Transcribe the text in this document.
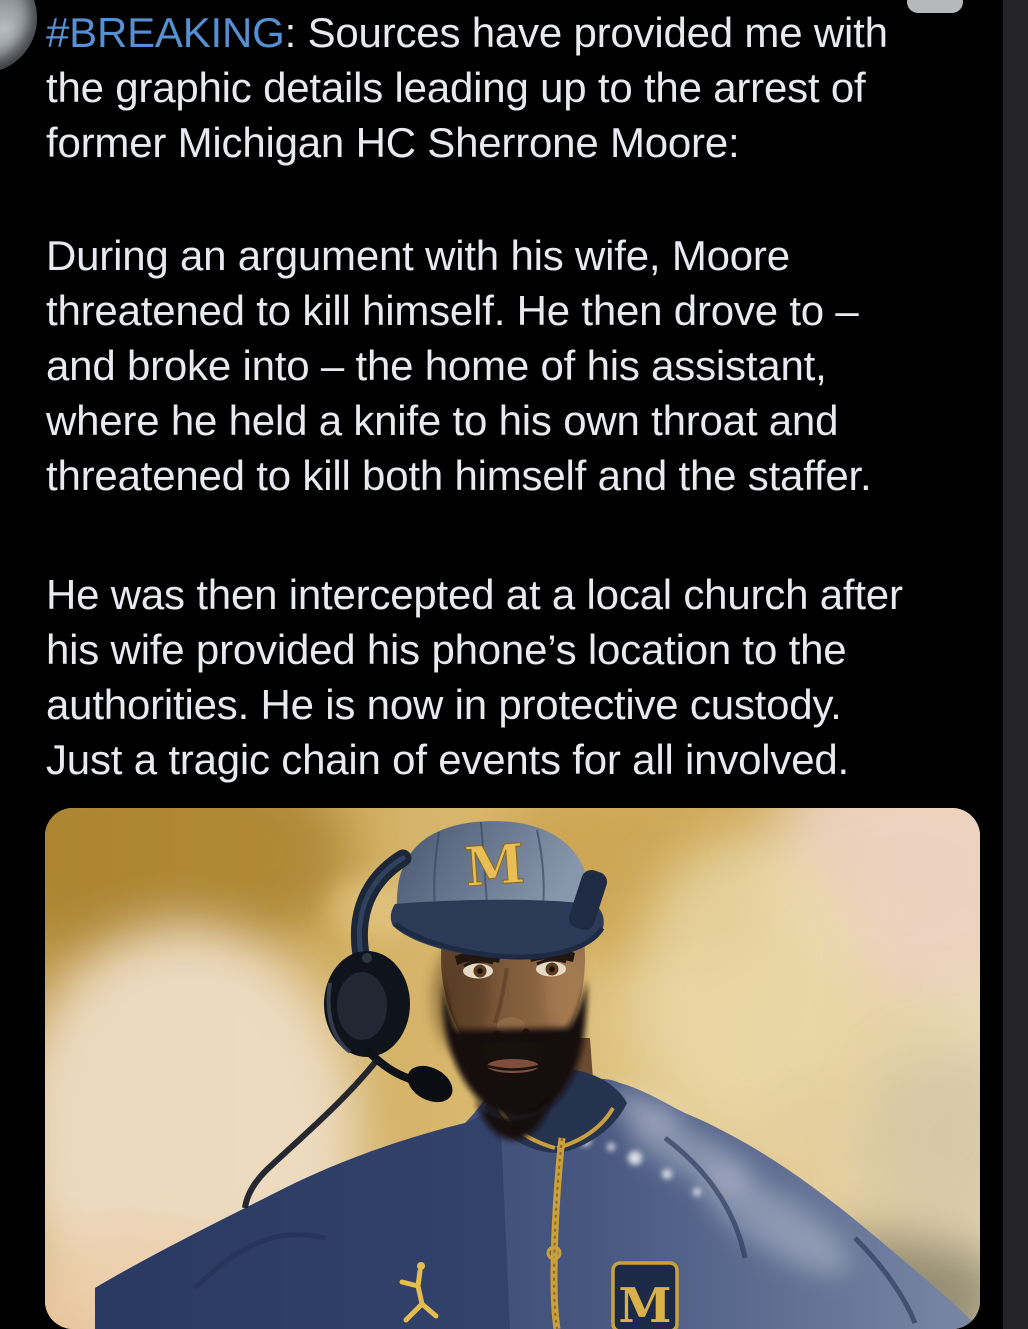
#BREAKING: Sources have provided me with
the graphic details leading up to the arrest of
former Michigan HC Sherrone Moore:

During an argument with his wife, Moore
threatened to kill himself. He then drove to –
and broke into – the home of his assistant,
where he held a knife to his own throat and
threatened to kill both himself and the staffer.

He was then intercepted at a local church after
his wife provided his phone’s location to the
authorities. He is now in protective custody.
Just a tragic chain of events for all involved.

M
M
